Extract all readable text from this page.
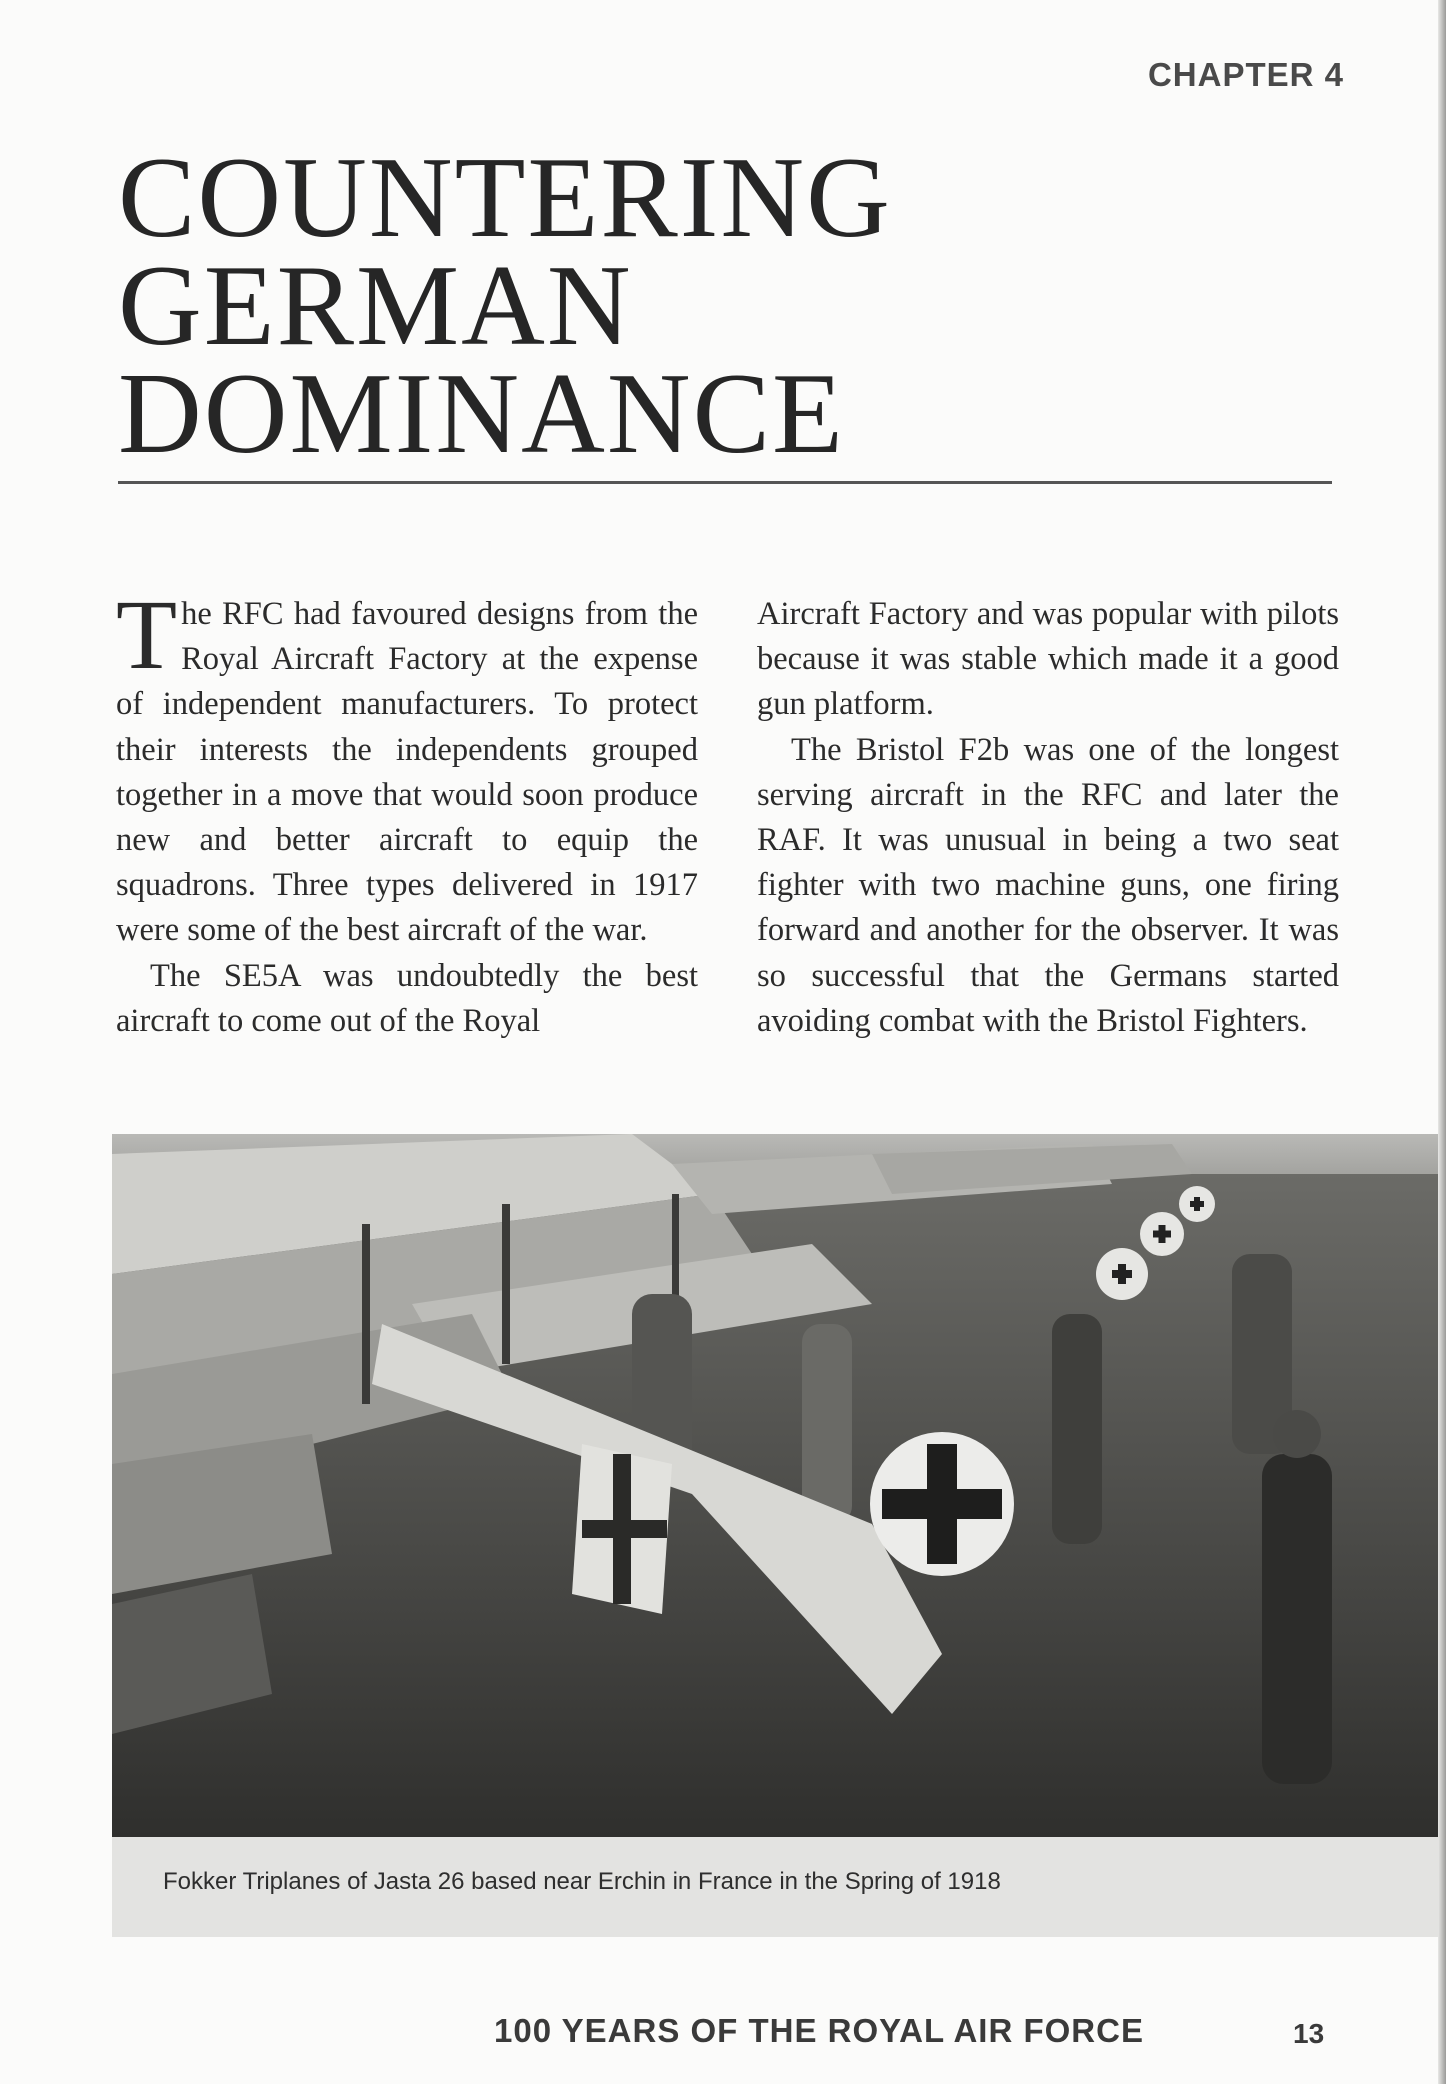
CHAPTER 4
COUNTERING
GERMAN
DOMINANCE

The RFC had favoured designs from the Royal Aircraft Factory at the expense of independent manufacturers. To protect their interests the independents grouped together in a move that would soon produce new and better aircraft to equip the squadrons. Three types delivered in 1917 were some of the best aircraft of the war.

The SE5A was undoubtedly the best aircraft to come out of the Royal

Aircraft Factory and was popular with pilots because it was stable which made it a good gun platform.

The Bristol F2b was one of the longest serving aircraft in the RFC and later the RAF. It was unusual in being a two seat fighter with two machine guns, one firing forward and another for the observer. It was so successful that the Germans started avoiding combat with the Bristol Fighters.

Fokker Triplanes of Jasta 26 based near Erchin in France in the Spring of 1918
100 YEARS OF THE ROYAL AIR FORCE	13
